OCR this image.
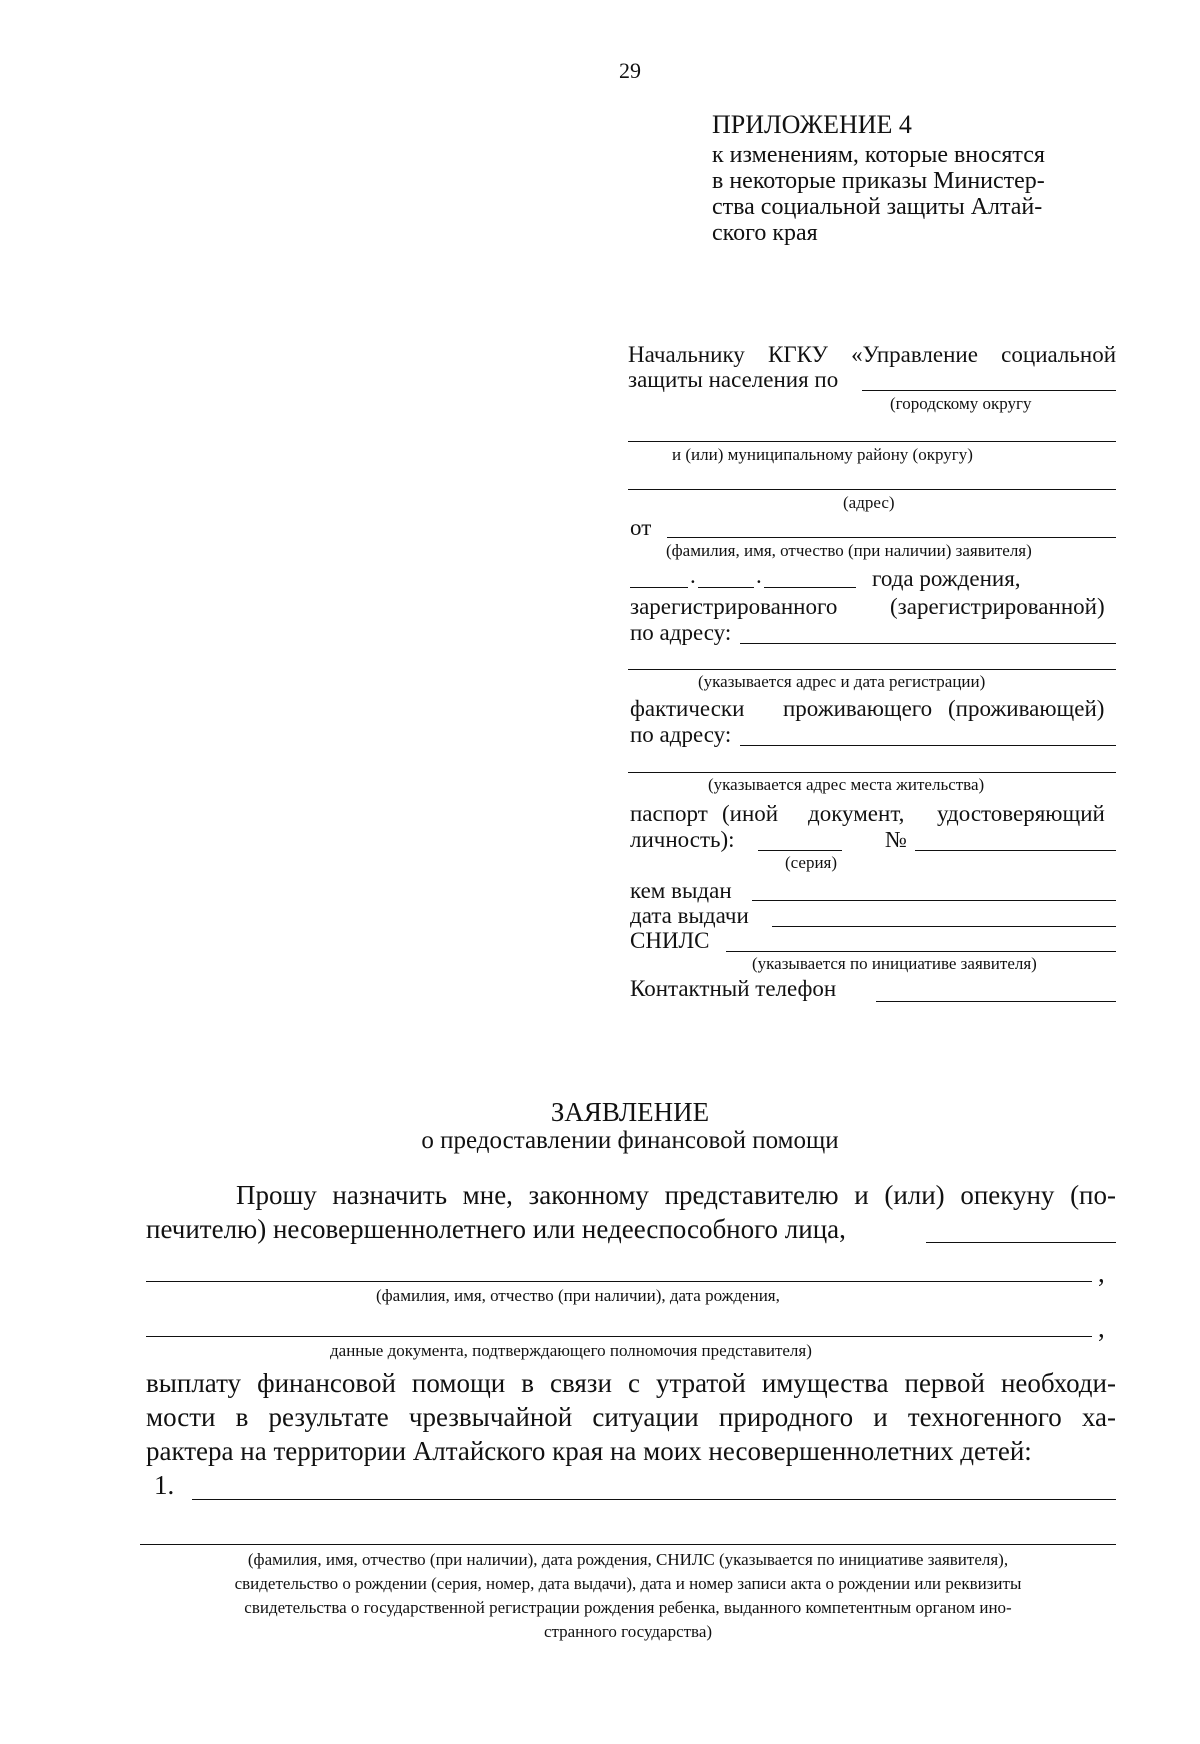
29
ПРИЛОЖЕНИЕ 4
к изменениям, которые вносятся
в некоторые приказы Министер-
ства социальной защиты Алтай-
ского края
Начальнику КГКУ «Управление социальной
защиты населения по
(городскому округу
и (или) муниципальному району (округу)
(адрес)
от
(фамилия, имя, отчество (при наличии) заявителя)
.	.	года рождения,
зарегистрированного (зарегистрированной)
по адресу:
(указывается адрес и дата регистрации)
фактически проживающего (проживающей)
по адресу:
(указывается адрес места жительства)
паспорт (иной документ, удостоверяющий
личность):
(серия)
№
кем выдан
дата выдачи
СНИЛС
(указывается по инициативе заявителя)
Контактный телефон
ЗАЯВЛЕНИЕ
о предоставлении финансовой помощи
Прошу назначить мне, законному представителю и (или) опекуну (по-
печителю) несовершеннолетнего или недееспособного лица,
,
(фамилия, имя, отчество (при наличии), дата рождения,
,
данные документа, подтверждающего полномочия представителя)
выплату финансовой помощи в связи с утратой имущества первой необходи-
мости в результате чрезвычайной ситуации природного и техногенного ха-
рактера на территории Алтайского края на моих несовершеннолетних детей:
1.
(фамилия, имя, отчество (при наличии), дата рождения, СНИЛС (указывается по инициативе заявителя),
свидетельство о рождении (серия, номер, дата выдачи), дата и номер записи акта о рождении или реквизиты
свидетельства о государственной регистрации рождения ребенка, выданного компетентным органом ино-
странного государства)
